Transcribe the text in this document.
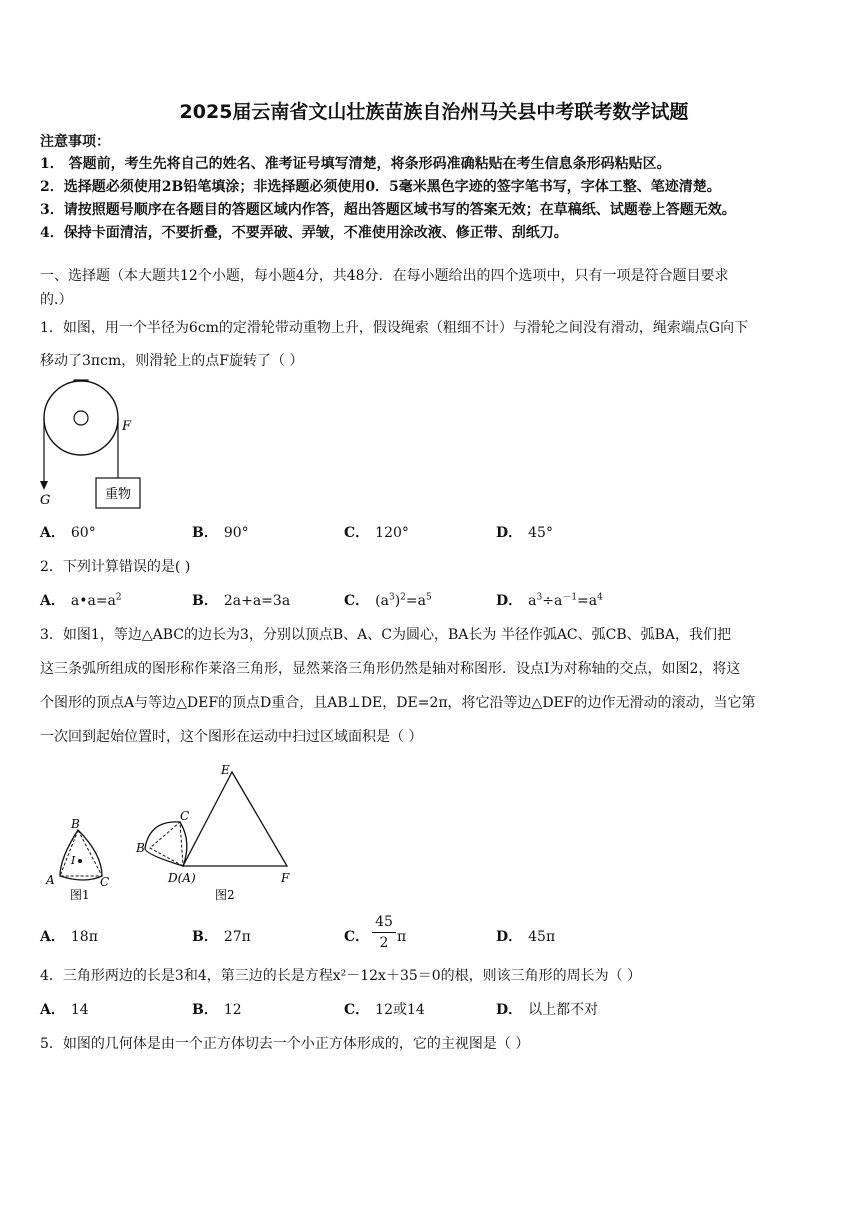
2025届云南省文山壮族苗族自治州马关县中考联考数学试题
注意事项：
1． 答题前，考生先将自己的姓名、准考证号填写清楚，将条形码准确粘贴在考生信息条形码粘贴区。
2．选择题必须使用2B铅笔填涂；非选择题必须使用0．5毫米黑色字迹的签字笔书写，字体工整、笔迹清楚。
3．请按照题号顺序在各题目的答题区域内作答，超出答题区域书写的答案无效；在草稿纸、试题卷上答题无效。
4．保持卡面清洁，不要折叠，不要弄破、弄皱，不准使用涂改液、修正带、刮纸刀。
一、选择题（本大题共12个小题，每小题4分，共48分．在每小题给出的四个选项中，只有一项是符合题目要求
的.）
1．如图，用一个半径为6cm的定滑轮带动重物上升，假设绳索（粗细不计）与滑轮之间没有滑动，绳索端点G向下
移动了3πcm，则滑轮上的点F旋转了（ ）
重物
F
G
A． 60°	B． 90°	C． 120°	D． 45°
2．下列计算错误的是( )
A． $a•a=a^2$	B． 2a+a=3a	C． $(a^3)^2=a^5$	D． $a^3\div a^{-1}=a^4$
3．如图1，等边△ABC的边长为3，分别以顶点B、A、C为圆心，BA长为 半径作弧AC、弧CB、弧BA，我们把
这三条弧所组成的图形称作莱洛三角形，显然莱洛三角形仍然是轴对称图形．设点I为对称轴的交点，如图2，将这
个图形的顶点A与等边△DEF的顶点D重合，且AB⊥DE，DE=2π，将它沿等边△DEF的边作无滑动的滚动，当它第
一次回到起始位置时，这个图形在运动中扫过区域面积是（ ）
B
I
A	C
图1
E
C
B
D(A)	F
图2
A． 18π	B． 27π	C．
45
2 π	D． 45π
4．三角形两边的长是3和4，第三边的长是方程x²－12x＋35＝0的根，则该三角形的周长为（ ）
A． 14	B． 12	C． 12或14	D． 以上都不对
5．如图的几何体是由一个正方体切去一个小正方体形成的，它的主视图是（ ）
